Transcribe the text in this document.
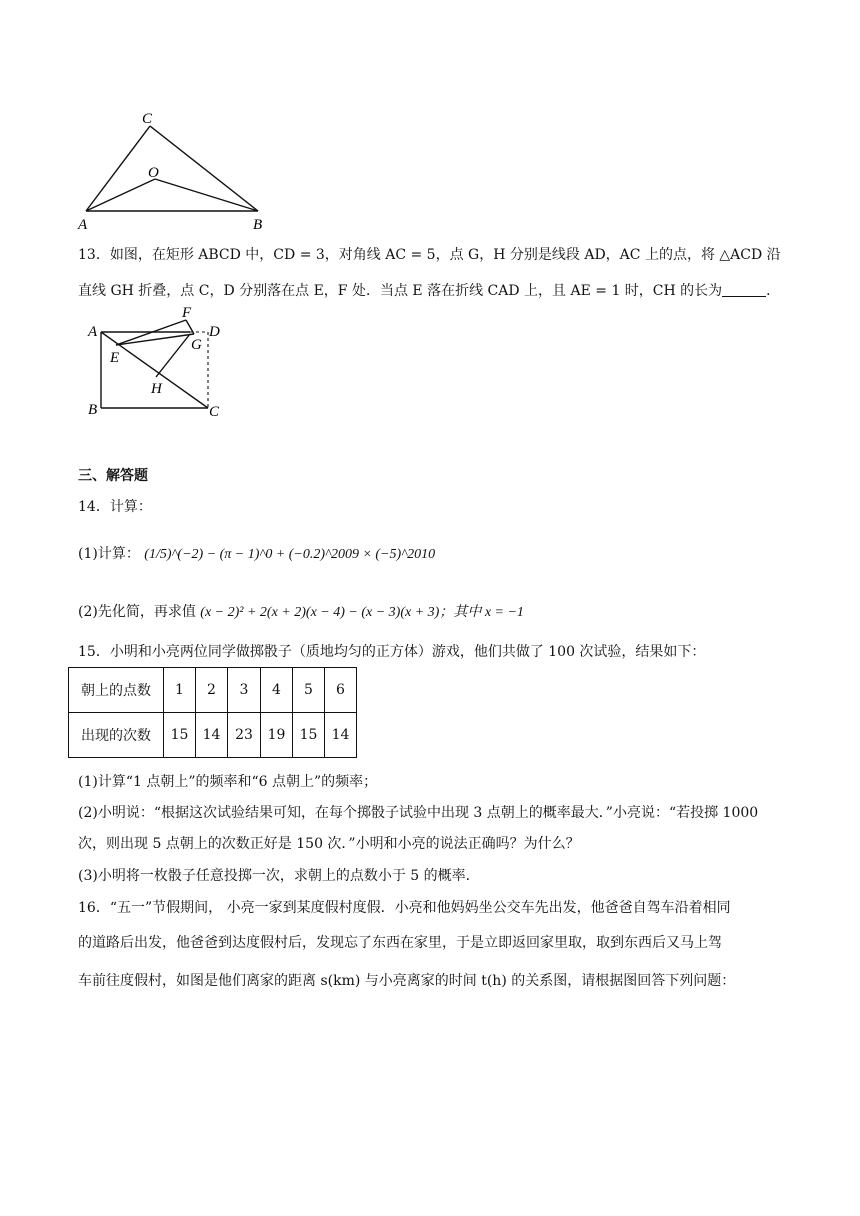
C
O
A	B
13．如图，在矩形 ABCD 中，CD = 3，对角线 AC = 5，点 G，H 分别是线段 AD，AC 上的点，将 △ACD 沿
直线 GH 折叠，点 C，D 分别落在点 E，F 处．当点 E 落在折线 CAD 上，且 AE = 1 时，CH 的长为	．
A
F
D
G
E
H
B	C
三、解答题
14．计算：
(1)计算： (1/5)^(−2) − (π − 1)^0 + (−0.2)^2009 × (−5)^2010
(2)先化简，再求值 (x − 2)² + 2(x + 2)(x − 4) − (x − 3)(x + 3)；其中 x = −1
15．小明和小亮两位同学做掷骰子（质地均匀的正方体）游戏，他们共做了 100 次试验，结果如下：
朝上的点数	1	2	3	4	5	6
出现的次数	15	14	23	19	15	14
(1)计算“1 点朝上”的频率和“6 点朝上”的频率；
(2)小明说：“根据这次试验结果可知，在每个掷骰子试验中出现 3 点朝上的概率最大．”小亮说：“若投掷 1000
次，则出现 5 点朝上的次数正好是 150 次．”小明和小亮的说法正确吗？为什么？
(3)小明将一枚骰子任意投掷一次，求朝上的点数小于 5 的概率．
16．“五一”节假期间， 小亮一家到某度假村度假．小亮和他妈妈坐公交车先出发，他爸爸自驾车沿着相同
的道路后出发，他爸爸到达度假村后，发现忘了东西在家里，于是立即返回家里取，取到东西后又马上驾
车前往度假村，如图是他们离家的距离 s(km) 与小亮离家的时间 t(h) 的关系图，请根据图回答下列问题：
